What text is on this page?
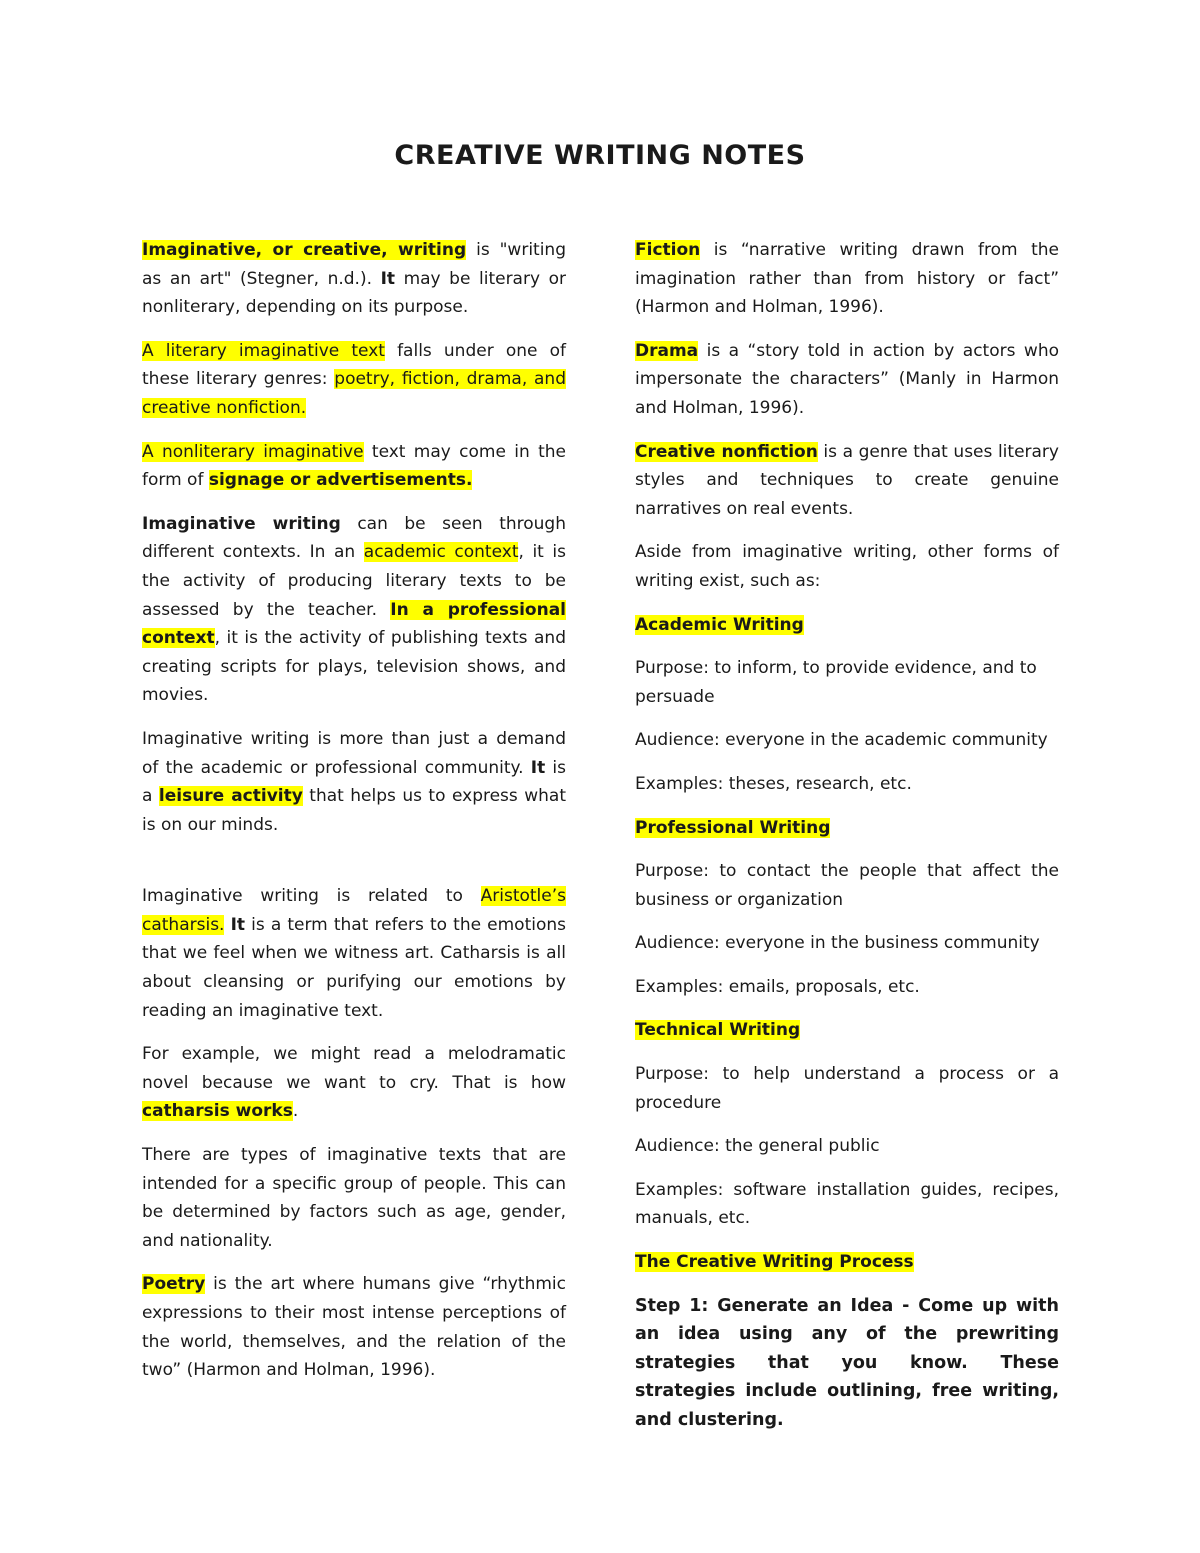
CREATIVE WRITING NOTES

Imaginative, or creative, writing is "writing as an art" (Stegner, n.d.). It may be literary or nonliterary, depending on its purpose.

A literary imaginative text falls under one of these literary genres: poetry, fiction, drama, and creative nonfiction.

A nonliterary imaginative text may come in the form of signage or advertisements.

Imaginative writing can be seen through different contexts. In an academic context, it is the activity of producing literary texts to be assessed by the teacher. In a professional context, it is the activity of publishing texts and creating scripts for plays, television shows, and movies.

Imaginative writing is more than just a demand of the academic or professional community. It is a leisure activity that helps us to express what is on our minds.

Imaginative writing is related to Aristotle’s catharsis. It is a term that refers to the emotions that we feel when we witness art. Catharsis is all about cleansing or purifying our emotions by reading an imaginative text.

For example, we might read a melodramatic novel because we want to cry. That is how catharsis works.

There are types of imaginative texts that are intended for a specific group of people. This can be determined by factors such as age, gender, and nationality.

Poetry is the art where humans give “rhythmic expressions to their most intense perceptions of the world, themselves, and the relation of the two” (Harmon and Holman, 1996).

Fiction is “narrative writing drawn from the imagination rather than from history or fact” (Harmon and Holman, 1996).

Drama is a “story told in action by actors who impersonate the characters” (Manly in Harmon and Holman, 1996).

Creative nonfiction is a genre that uses literary styles and techniques to create genuine narratives on real events.

Aside from imaginative writing, other forms of writing exist, such as:

Academic Writing

Purpose: to inform, to provide evidence, and to persuade

Audience: everyone in the academic community

Examples: theses, research, etc.

Professional Writing

Purpose: to contact the people that affect the business or organization

Audience: everyone in the business community

Examples: emails, proposals, etc.

Technical Writing

Purpose: to help understand a process or a procedure

Audience: the general public

Examples: software installation guides, recipes, manuals, etc.

The Creative Writing Process

Step 1: Generate an Idea - Come up with an idea using any of the prewriting strategies that you know. These strategies include outlining, free writing, and clustering.
